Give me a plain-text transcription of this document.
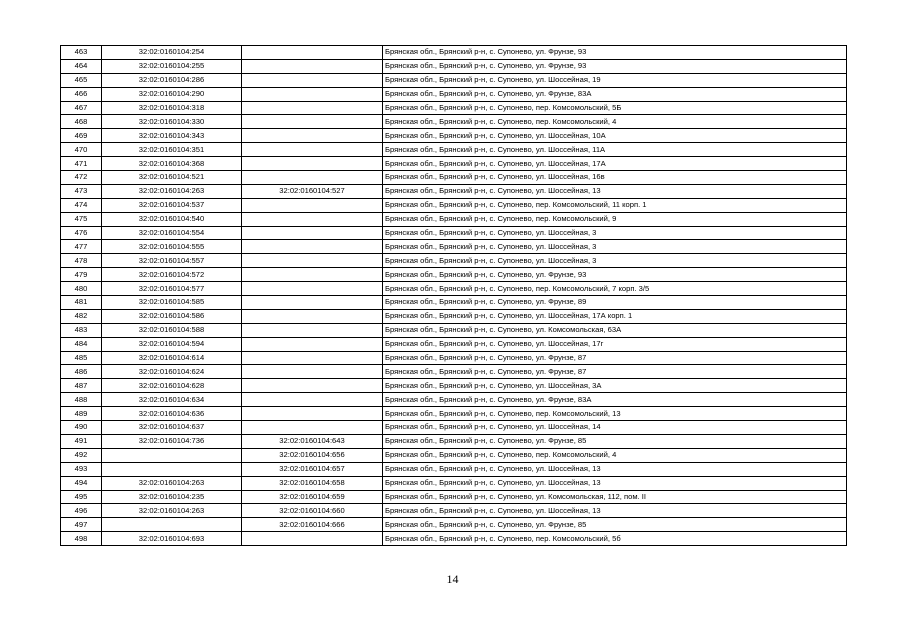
463	32:02:0160104:254		Брянская обл., Брянский р-н, с. Супонево, ул. Фрунзе, 93
464	32:02:0160104:255		Брянская обл., Брянский р-н, с. Супонево, ул. Фрунзе, 93
465	32:02:0160104:286		Брянская обл., Брянский р-н, с. Супонево, ул. Шоссейная, 19
466	32:02:0160104:290		Брянская обл., Брянский р-н, с. Супонево, ул. Фрунзе, 83А
467	32:02:0160104:318		Брянская обл., Брянский р-н, с. Супонево, пер. Комсомольский, 5Б
468	32:02:0160104:330		Брянская обл., Брянский р-н, с. Супонево, пер. Комсомольский, 4
469	32:02:0160104:343		Брянская обл., Брянский р-н, с. Супонево, ул. Шоссейная, 10А
470	32:02:0160104:351		Брянская обл., Брянский р-н, с. Супонево, ул. Шоссейная, 11А
471	32:02:0160104:368		Брянская обл., Брянский р-н, с. Супонево, ул. Шоссейная, 17А
472	32:02:0160104:521		Брянская обл., Брянский р-н, с. Супонево, ул. Шоссейная, 16в
473	32:02:0160104:263	32:02:0160104:527	Брянская обл., Брянский р-н, с. Супонево, ул. Шоссейная, 13
474	32:02:0160104:537		Брянская обл., Брянский р-н, с. Супонево, пер. Комсомольский, 11 корп. 1
475	32:02:0160104:540		Брянская обл., Брянский р-н, с. Супонево, пер. Комсомольский, 9
476	32:02:0160104:554		Брянская обл., Брянский р-н, с. Супонево, ул. Шоссейная, 3
477	32:02:0160104:555		Брянская обл., Брянский р-н, с. Супонево, ул. Шоссейная, 3
478	32:02:0160104:557		Брянская обл., Брянский р-н, с. Супонево, ул. Шоссейная, 3
479	32:02:0160104:572		Брянская обл., Брянский р-н, с. Супонево, ул. Фрунзе, 93
480	32:02:0160104:577		Брянская обл., Брянский р-н, с. Супонево, пер. Комсомольский, 7 корп. 3/5
481	32:02:0160104:585		Брянская обл., Брянский р-н, с. Супонево, ул. Фрунзе, 89
482	32:02:0160104:586		Брянская обл., Брянский р-н, с. Супонево, ул. Шоссейная, 17А корп. 1
483	32:02:0160104:588		Брянская обл., Брянский р-н, с. Супонево, ул. Комсомольская, 63А
484	32:02:0160104:594		Брянская обл., Брянский р-н, с. Супонево, ул. Шоссейная, 17г
485	32:02:0160104:614		Брянская обл., Брянский р-н, с. Супонево, ул. Фрунзе, 87
486	32:02:0160104:624		Брянская обл., Брянский р-н, с. Супонево, ул. Фрунзе, 87
487	32:02:0160104:628		Брянская обл., Брянский р-н, с. Супонево, ул. Шоссейная, 3А
488	32:02:0160104:634		Брянская обл., Брянский р-н, с. Супонево, ул. Фрунзе, 83А
489	32:02:0160104:636		Брянская обл., Брянский р-н, с. Супонево, пер. Комсомольский, 13
490	32:02:0160104:637		Брянская обл., Брянский р-н, с. Супонево, ул. Шоссейная, 14
491	32:02:0160104:736	32:02:0160104:643	Брянская обл., Брянский р-н, с. Супонево, ул. Фрунзе, 85
492		32:02:0160104:656	Брянская обл., Брянский р-н, с. Супонево, пер. Комсомольский, 4
493		32:02:0160104:657	Брянская обл., Брянский р-н, с. Супонево, ул. Шоссейная, 13
494	32:02:0160104:263	32:02:0160104:658	Брянская обл., Брянский р-н, с. Супонево, ул. Шоссейная, 13
495	32:02:0160104:235	32:02:0160104:659	Брянская обл., Брянский р-н, с. Супонево, ул. Комсомольская, 112, пом. II
496	32:02:0160104:263	32:02:0160104:660	Брянская обл., Брянский р-н, с. Супонево, ул. Шоссейная, 13
497		32:02:0160104:666	Брянская обл., Брянский р-н, с. Супонево, ул. Фрунзе, 85
498	32:02:0160104:693		Брянская обл., Брянский р-н, с. Супонево, пер. Комсомольский, 5б
14
